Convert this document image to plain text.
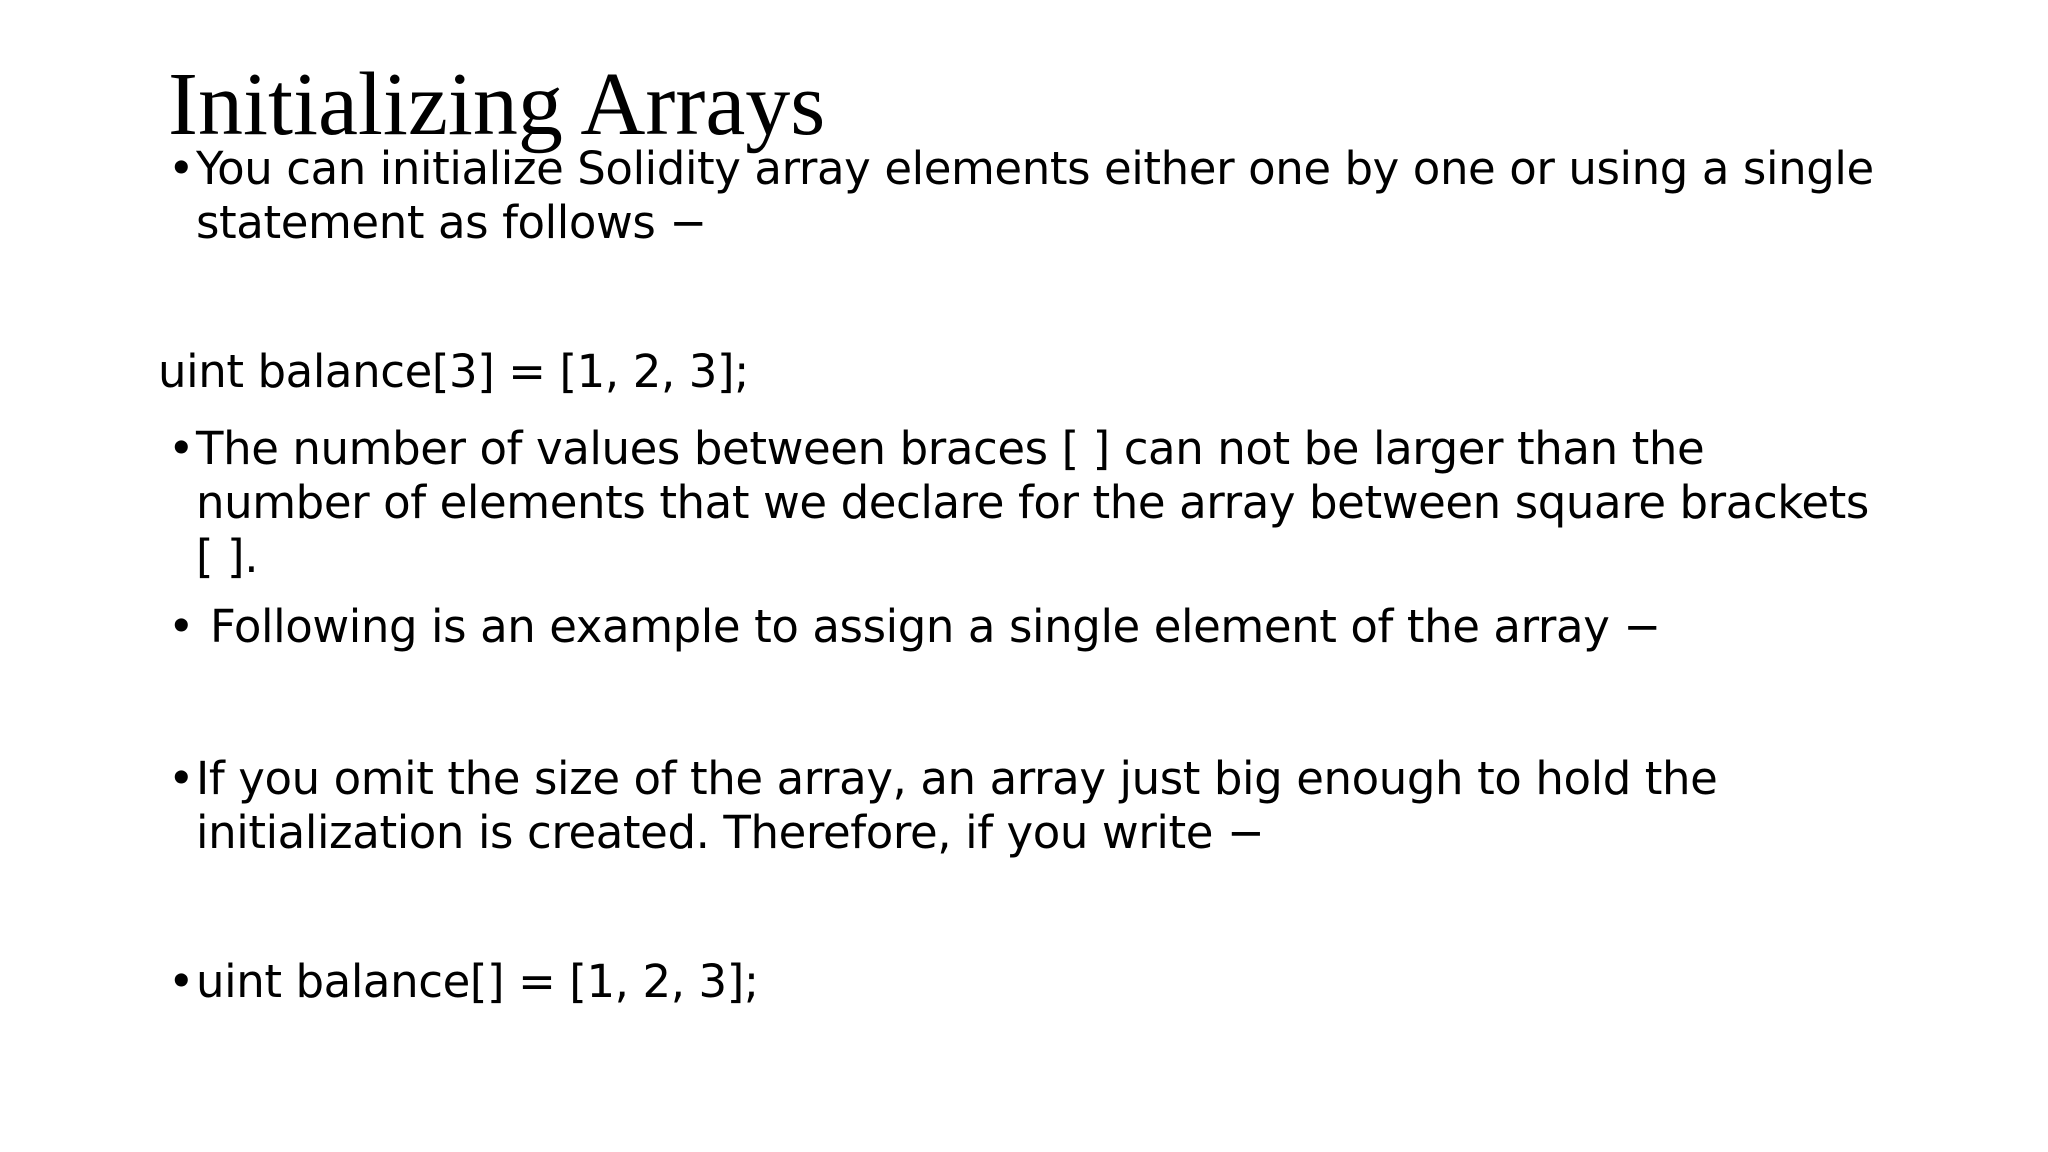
Initializing Arrays
• You can initialize Solidity array elements either one by one or using a single
statement as follows −
uint balance[3] = [1, 2, 3];
• The number of values between braces [ ] can not be larger than the
number of elements that we declare for the array between square brackets
[ ].
• Following is an example to assign a single element of the array −
• If you omit the size of the array, an array just big enough to hold the
initialization is created. Therefore, if you write −
• uint balance[] = [1, 2, 3];
